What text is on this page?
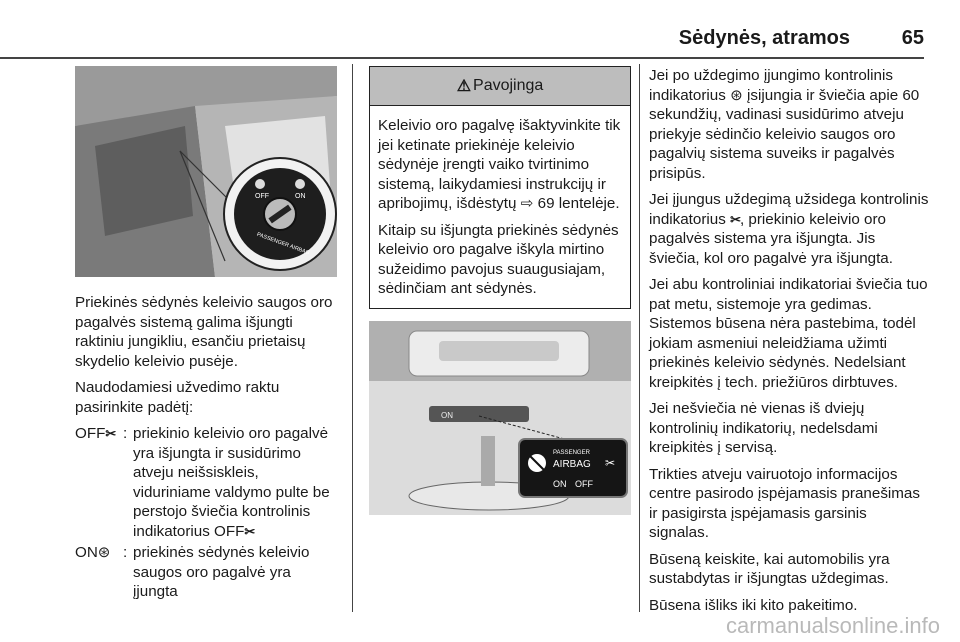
Sėdynės, atramos	65
OFF	ON
PASSENGER AIRBAG

Priekinės sėdynės keleivio saugos oro pagalvės sistemą galima išjungti raktiniu jungikliu, esančiu prietaisų skydelio keleivio pusėje.

Naudodamiesi užvedimo raktu pasirinkite padėtį:

OFF✂ : priekinio keleivio oro pagalvė yra išjungta ir susidūrimo atveju neišsiskleis, viduriniame valdymo pulte be perstojo šviečia kontrolinis indikatorius OFF✂
ON⊛ : priekinės sėdynės keleivio saugos oro pagalvė yra įjungta
⚠ Pavojinga

Keleivio oro pagalvę išaktyvinkite tik jei ketinate priekinėje keleivio sėdynėje įrengti vaiko tvirtinimo sistemą, laikydamiesi instrukcijų ir apribojimų, išdėstytų ⇨ 69 lentelėje.

Kitaip su išjungta priekinės sėdynės keleivio oro pagalve iškyla mirtino sužeidimo pavojus suaugusiajam, sėdinčiam ant sėdynės.

ON
PASSENGER
AIRBAG
ON OFF
✂

Jei po uždegimo įjungimo kontrolinis indikatorius ⊛ įsijungia ir šviečia apie 60 sekundžių, vadinasi susidūrimo atveju priekyje sėdinčio keleivio saugos oro pagalvių sistema suveiks ir pagalvės prisipūs.

Jei įjungus uždegimą užsidega kontrolinis indikatorius ✂, priekinio keleivio oro pagalvės sistema yra išjungta. Jis šviečia, kol oro pagalvė yra išjungta.

Jei abu kontroliniai indikatoriai šviečia tuo pat metu, sistemoje yra gedimas. Sistemos būsena nėra pastebima, todėl jokiam asmeniui neleidžiama užimti priekinės keleivio sėdynės. Nedelsiant kreipkitės į tech. priežiūros dirbtuves.

Jei nešviečia nė vienas iš dviejų kontrolinių indikatorių, nedelsdami kreipkitės į servisą.

Trikties atveju vairuotojo informacijos centre pasirodo įspėjamasis pranešimas ir pasigirsta įspėjamasis garsinis signalas.

Būseną keiskite, kai automobilis yra sustabdytas ir išjungtas uždegimas.

Būsena išliks iki kito pakeitimo.

carmanualsonline.info
